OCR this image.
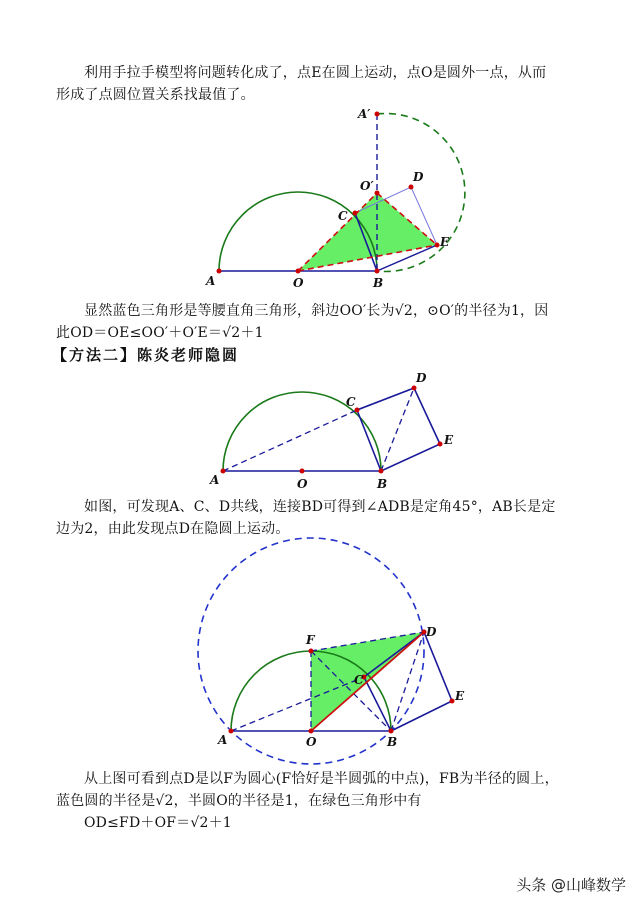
利用手拉手模型将问题转化成了，点E在圆上运动，点O是圆外一点，从而
形成了点圆位置关系找最值了。
显然蓝色三角形是等腰直角三角形，斜边OO′长为√2，⊙O′的半径为1，因
此OD＝OE≤OO′＋O′E＝√2＋1
【方法二】陈炎老师隐圆
如图，可发现A、C、D共线，连接BD可得到∠ADB是定角45°，AB长是定
边为2，由此发现点D在隐圆上运动。
从上图可看到点D是以F为圆心(F恰好是半圆弧的中点)，FB为半径的圆上，
蓝色圆的半径是√2，半圆O的半径是1，在绿色三角形中有
OD≤FD＋OF＝√2＋1
A′
D
O′
C
E
A	O	B
D
C
E
A	O	B
F
D
C
E
A	O	B
头条 @山峰数学
